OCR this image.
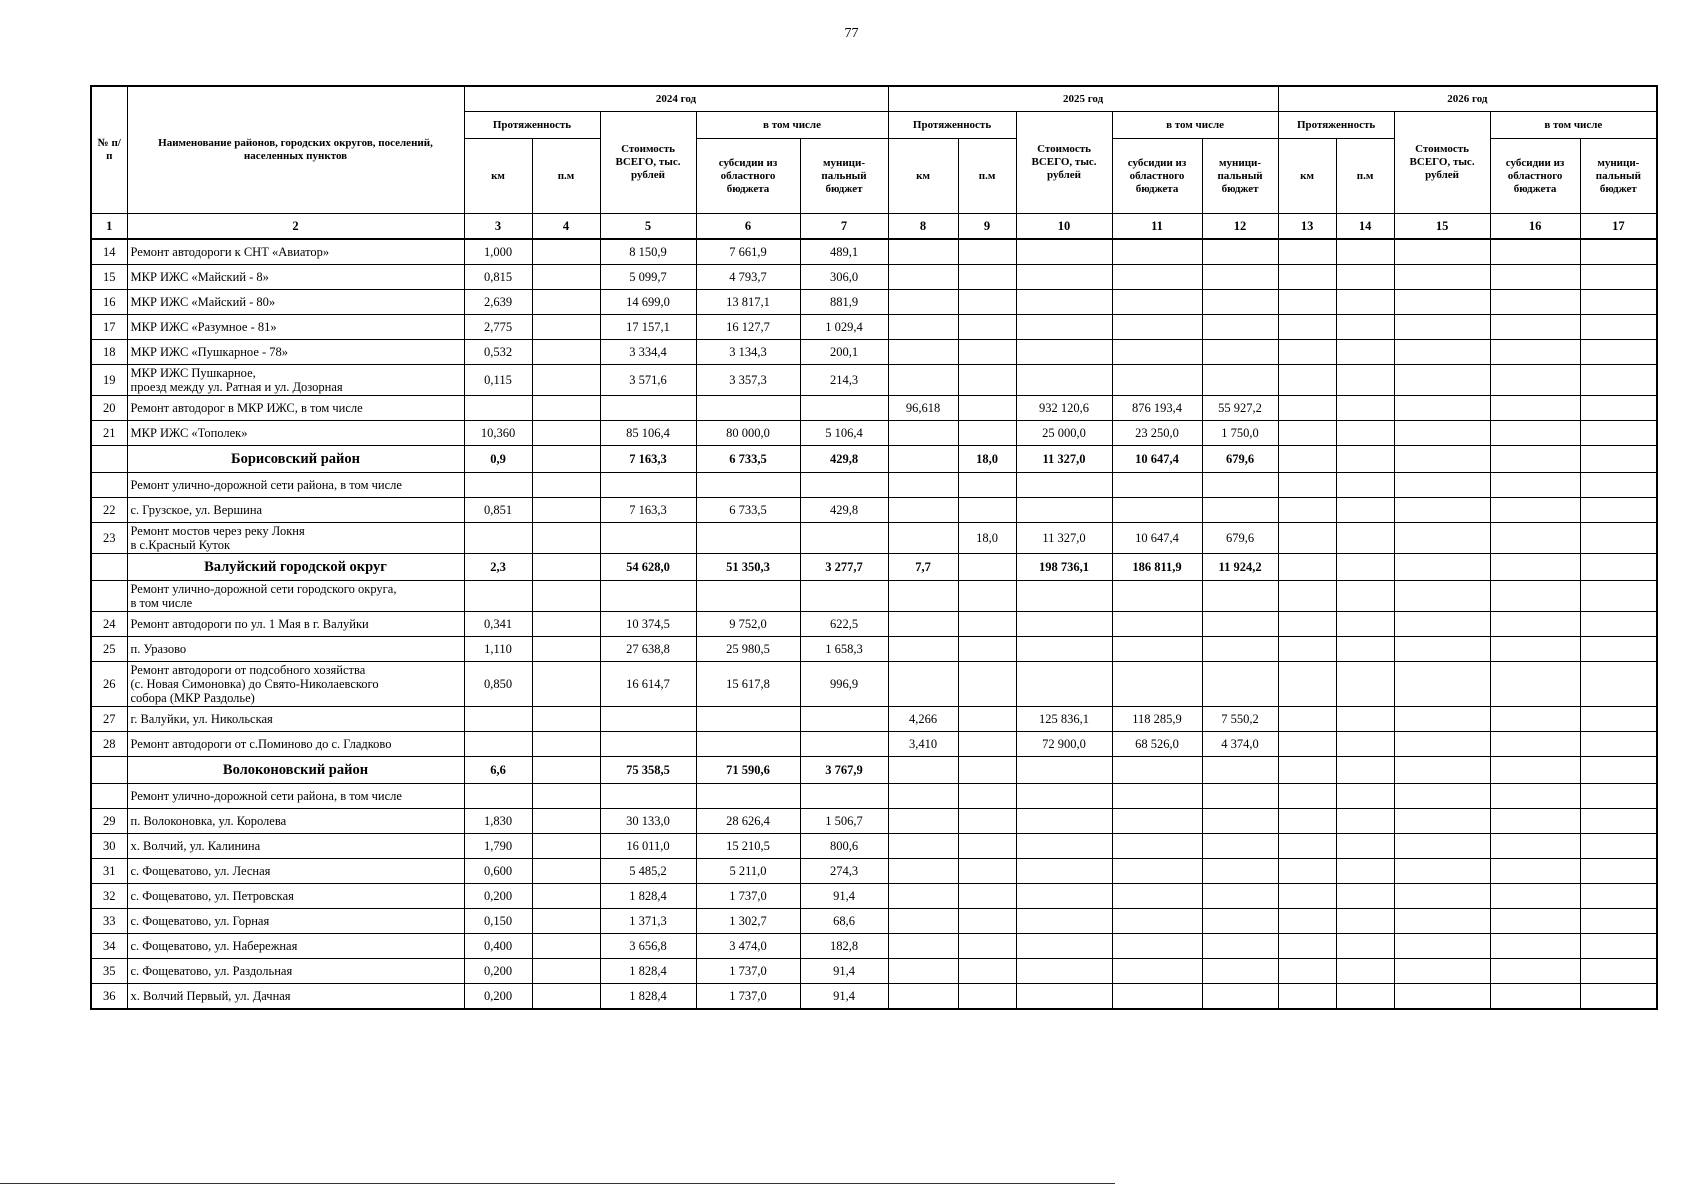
77
№ п/п	Наименование районов, городских округов, поселений, населенных пунктов	2024 год					2025 год					2026 год				
		Протяженность		Стоимость ВСЕГО, тыс. рублей	в том числе		Протяженность		Стоимость ВСЕГО, тыс. рублей	в том числе		Протяженность		Стоимость ВСЕГО, тыс. рублей	в том числе	
		км	п.м		субсидии из областного бюджета	муници-пальный бюджет	км	п.м		субсидии из областного бюджета	муници-пальный бюджет	км	п.м		субсидии из областного бюджета	муници-пальный бюджет
1	2	3	4	5	6	7	8	9	10	11	12	13	14	15	16	17
14	Ремонт автодороги к СНТ «Авиатор»	1,000		8 150,9	7 661,9	489,1										
15	МКР ИЖС «Майский - 8»	0,815		5 099,7	4 793,7	306,0										
16	МКР ИЖС «Майский - 80»	2,639		14 699,0	13 817,1	881,9										
17	МКР ИЖС «Разумное - 81»	2,775		17 157,1	16 127,7	1 029,4										
18	МКР ИЖС «Пушкарное - 78»	0,532		3 334,4	3 134,3	200,1										
19	МКР ИЖС Пушкарное,
проезд между ул. Ратная и ул. Дозорная	0,115		3 571,6	3 357,3	214,3										
20	Ремонт автодорог в МКР ИЖС, в том числе						96,618		932 120,6	876 193,4	55 927,2					
21	МКР ИЖС «Тополек»	10,360		85 106,4	80 000,0	5 106,4			25 000,0	23 250,0	1 750,0					
	Борисовский район	0,9		7 163,3	6 733,5	429,8		18,0	11 327,0	10 647,4	679,6					
	Ремонт улично-дорожной сети района, в том числе															
22	с. Грузское, ул. Вершина	0,851		7 163,3	6 733,5	429,8										
23	Ремонт мостов через реку Локня
в с.Красный Куток							18,0	11 327,0	10 647,4	679,6					
	Валуйский городской округ	2,3		54 628,0	51 350,3	3 277,7	7,7		198 736,1	186 811,9	11 924,2					
	Ремонт улично-дорожной сети городского округа,
в том числе															
24	Ремонт автодороги по ул. 1 Мая в г. Валуйки	0,341		10 374,5	9 752,0	622,5										
25	п. Уразово	1,110		27 638,8	25 980,5	1 658,3										
26	Ремонт автодороги от подсобного хозяйства
(с. Новая Симоновка) до Свято-Николаевского
собора (МКР Раздолье)	0,850		16 614,7	15 617,8	996,9										
27	г. Валуйки, ул. Никольская						4,266		125 836,1	118 285,9	7 550,2					
28	Ремонт автодороги от с.Поминово до с. Гладково						3,410		72 900,0	68 526,0	4 374,0					
	Волоконовский район	6,6		75 358,5	71 590,6	3 767,9										
	Ремонт улично-дорожной сети района, в том числе															
29	п. Волоконовка, ул. Королева	1,830		30 133,0	28 626,4	1 506,7										
30	х. Волчий, ул. Калинина	1,790		16 011,0	15 210,5	800,6										
31	с. Фощеватово, ул. Лесная	0,600		5 485,2	5 211,0	274,3										
32	с. Фощеватово, ул. Петровская	0,200		1 828,4	1 737,0	91,4										
33	с. Фощеватово, ул. Горная	0,150		1 371,3	1 302,7	68,6										
34	с. Фощеватово, ул. Набережная	0,400		3 656,8	3 474,0	182,8										
35	с. Фощеватово, ул. Раздольная	0,200		1 828,4	1 737,0	91,4										
36	х. Волчий Первый, ул. Дачная	0,200		1 828,4	1 737,0	91,4										
